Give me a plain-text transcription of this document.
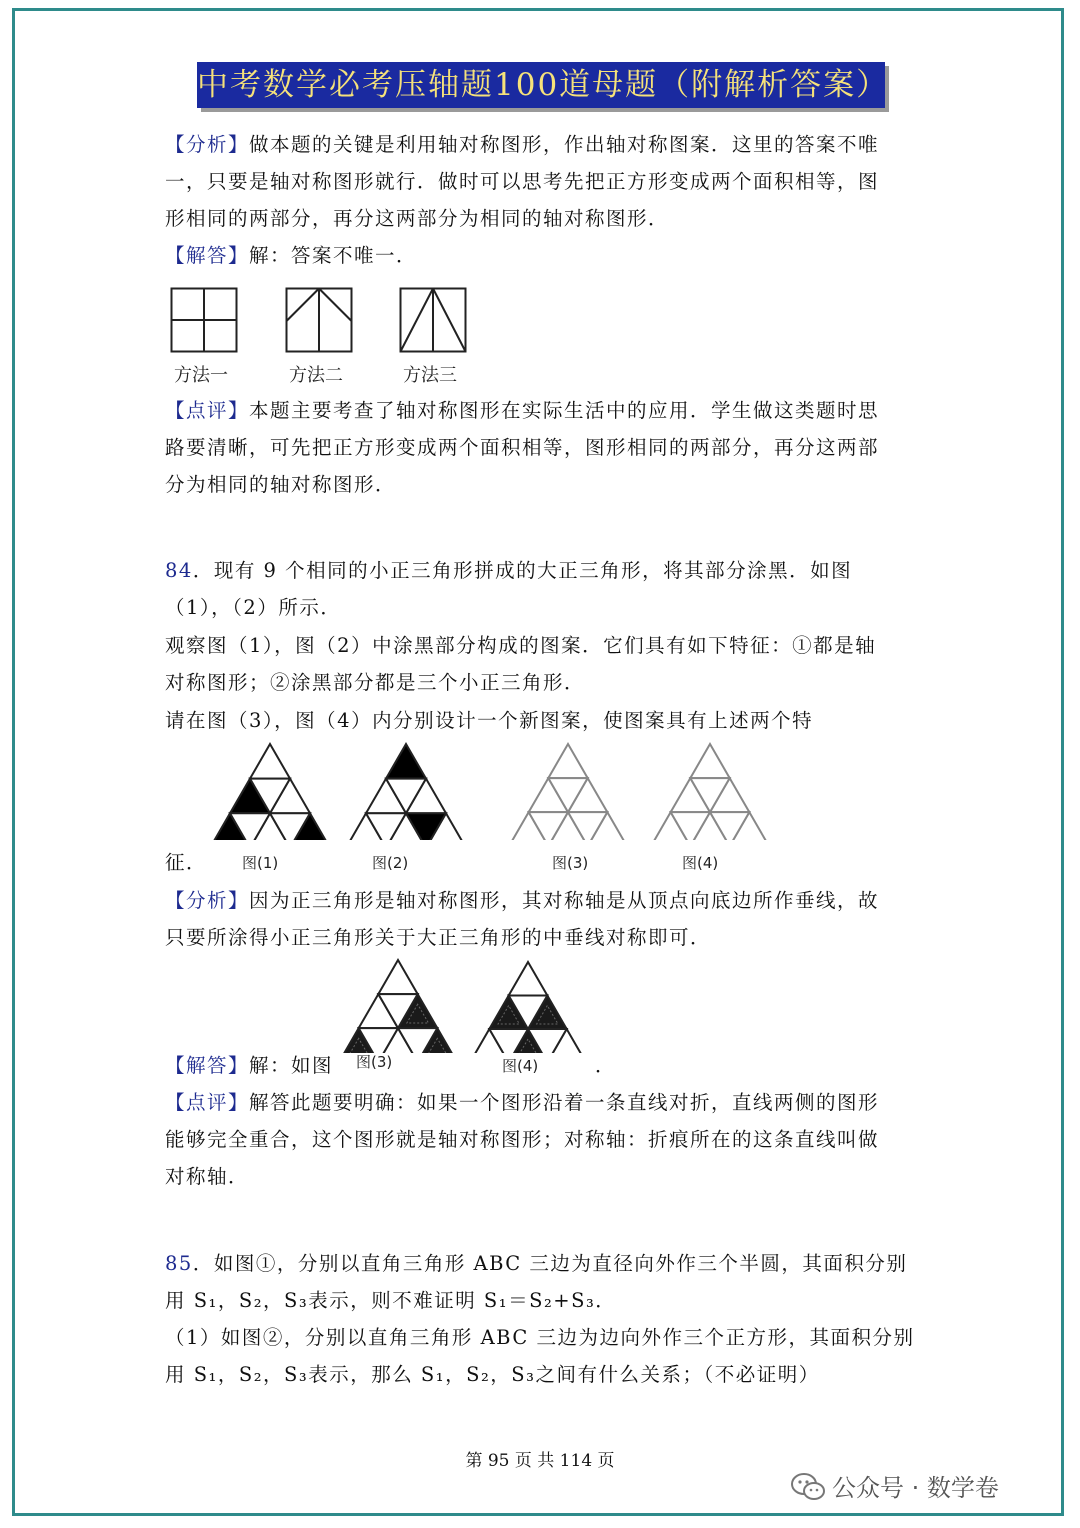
中考数学必考压轴题100道母题（附解析答案）
【分析】做本题的关键是利用轴对称图形，作出轴对称图案．这里的答案不唯
一，只要是轴对称图形就行．做时可以思考先把正方形变成两个面积相等，图
形相同的两部分，再分这两部分为相同的轴对称图形．
【解答】解：答案不唯一．
方法一	方法二	方法三
【点评】本题主要考查了轴对称图形在实际生活中的应用．学生做这类题时思
路要清晰，可先把正方形变成两个面积相等，图形相同的两部分，再分这两部
分为相同的轴对称图形．
84．现有 9 个相同的小正三角形拼成的大正三角形，将其部分涂黑．如图
（1），（2）所示．
观察图（1），图（2）中涂黑部分构成的图案．它们具有如下特征：①都是轴
对称图形；②涂黑部分都是三个小正三角形．
请在图（3），图（4）内分别设计一个新图案，使图案具有上述两个特
征．	图(1)	图(2)	图(3)	图(4)
【分析】因为正三角形是轴对称图形，其对称轴是从顶点向底边所作垂线，故
只要所涂得小正三角形关于大正三角形的中垂线对称即可．
【解答】解：如图	图(3)	图(4)	．
【点评】解答此题要明确：如果一个图形沿着一条直线对折，直线两侧的图形
能够完全重合，这个图形就是轴对称图形；对称轴：折痕所在的这条直线叫做
对称轴．
85．如图①，分别以直角三角形 ABC 三边为直径向外作三个半圆，其面积分别
用 S₁，S₂，S₃表示，则不难证明 S₁＝S₂+S₃．
（1）如图②，分别以直角三角形 ABC 三边为边向外作三个正方形，其面积分别
用 S₁，S₂，S₃表示，那么 S₁，S₂，S₃之间有什么关系；（不必证明）
第 95 页 共 114 页
公众号 · 数学卷
